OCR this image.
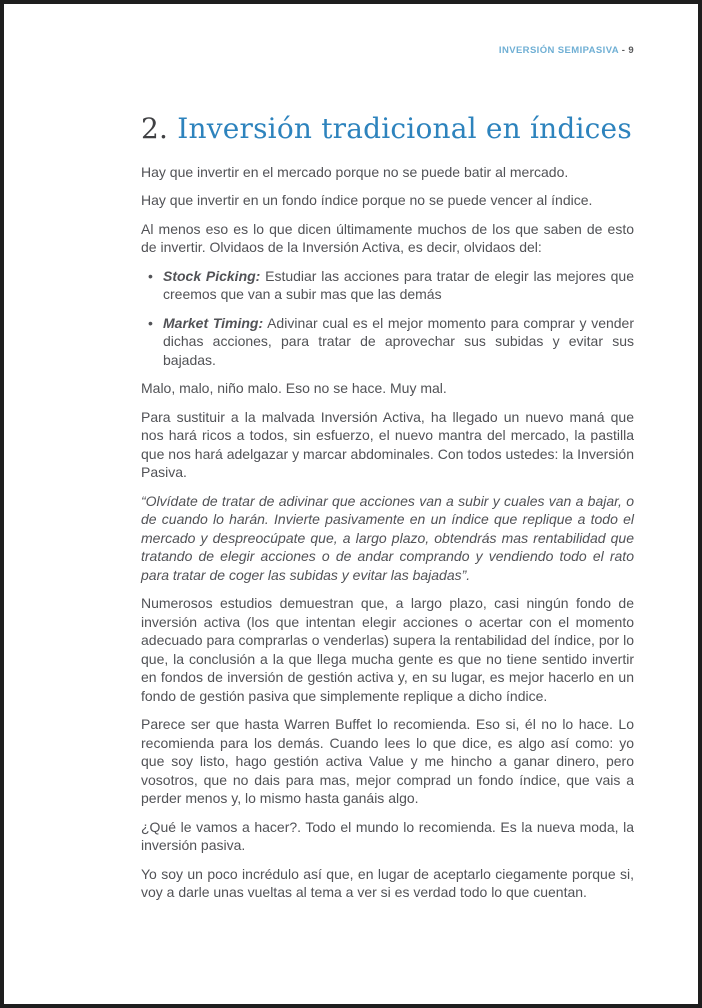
INVERSIÓN SEMIPASIVA - 9
2. Inversión tradicional en índices

Hay que invertir en el mercado porque no se puede batir al mercado.

Hay que invertir en un fondo índice porque no se puede vencer al índice.

Al menos eso es lo que dicen últimamente muchos de los que saben de esto de invertir. Olvidaos de la Inversión Activa, es decir, olvidaos del:

• Stock Picking: Estudiar las acciones para tratar de elegir las mejores que creemos que van a subir mas que las demás
• Market Timing: Adivinar cual es el mejor momento para comprar y vender dichas acciones, para tratar de aprovechar sus subidas y evitar sus bajadas.

Malo, malo, niño malo. Eso no se hace. Muy mal.

Para sustituir a la malvada Inversión Activa, ha llegado un nuevo maná que nos hará ricos a todos, sin esfuerzo, el nuevo mantra del mercado, la pastilla que nos hará adelgazar y marcar abdominales. Con todos ustedes: la Inversión Pasiva.

“Olvídate de tratar de adivinar que acciones van a subir y cuales van a bajar, o de cuando lo harán. Invierte pasivamente en un índice que replique a todo el mercado y despreocúpate que, a largo plazo, obtendrás mas rentabilidad que tratando de elegir acciones o de andar comprando y vendiendo todo el rato para tratar de coger las subidas y evitar las bajadas”.

Numerosos estudios demuestran que, a largo plazo, casi ningún fondo de inversión activa (los que intentan elegir acciones o acertar con el momento adecuado para comprarlas o venderlas) supera la rentabilidad del índice, por lo que, la conclusión a la que llega mucha gente es que no tiene sentido invertir en fondos de inversión de gestión activa y, en su lugar, es mejor hacerlo en un fondo de gestión pasiva que simplemente replique a dicho índice.

Parece ser que hasta Warren Buffet lo recomienda. Eso si, él no lo hace. Lo recomienda para los demás. Cuando lees lo que dice, es algo así como: yo que soy listo, hago gestión activa Value y me hincho a ganar dinero, pero vosotros, que no dais para mas, mejor comprad un fondo índice, que vais a perder menos y, lo mismo hasta ganáis algo.

¿Qué le vamos a hacer?. Todo el mundo lo recomienda. Es la nueva moda, la inversión pasiva.

Yo soy un poco incrédulo así que, en lugar de aceptarlo ciegamente porque si, voy a darle unas vueltas al tema a ver si es verdad todo lo que cuentan.
